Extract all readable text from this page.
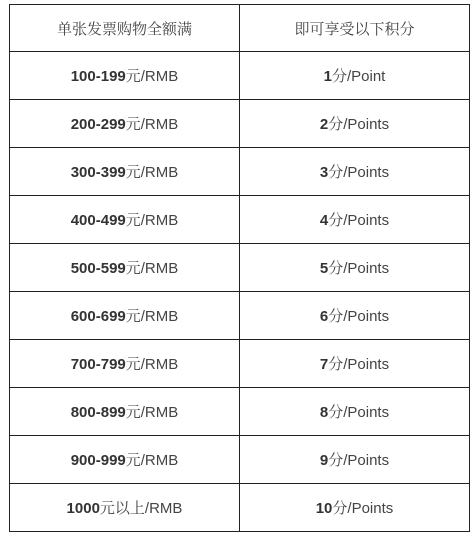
单张发票购物全额满	即可享受以下积分
100-199元/RMB	1分/Point
200-299元/RMB	2分/Points
300-399元/RMB	3分/Points
400-499元/RMB	4分/Points
500-599元/RMB	5分/Points
600-699元/RMB	6分/Points
700-799元/RMB	7分/Points
800-899元/RMB	8分/Points
900-999元/RMB	9分/Points
1000元以上/RMB	10分/Points
